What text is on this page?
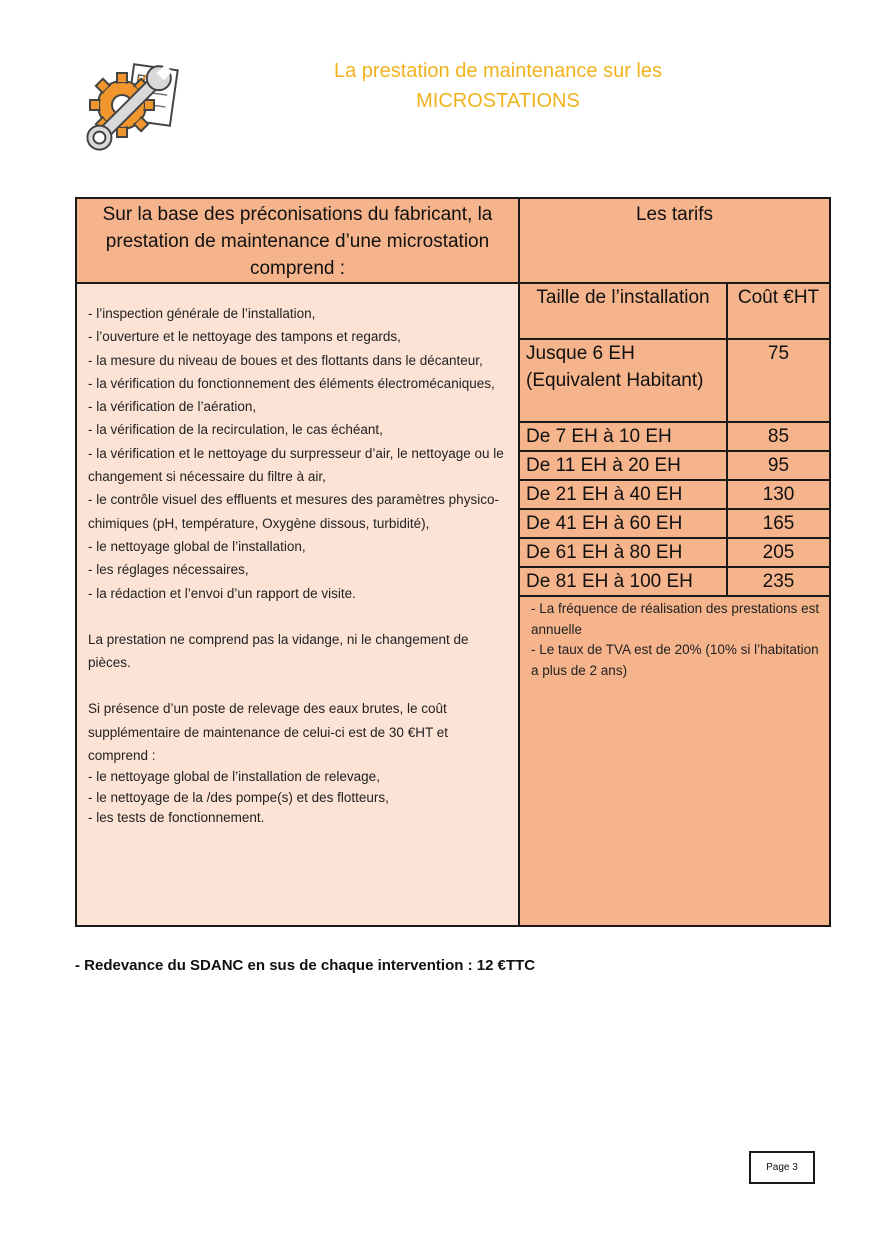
La prestation de maintenance sur les
MICROSTATIONS
Sur la base des préconisations du fabricant, la prestation de maintenance d’une microstation comprend :
Les tarifs
- l’inspection générale de l’installation,
- l’ouverture et le nettoyage des tampons et regards,
- la mesure du niveau de boues et des flottants dans le décanteur,
- la vérification du fonctionnement des éléments électromécaniques,
- la vérification de l’aération,
- la vérification de la recirculation, le cas échéant,
- la vérification et le nettoyage du surpresseur d’air, le nettoyage ou le changement si nécessaire du filtre à air,
- le contrôle visuel des effluents et mesures des paramètres physico-chimiques (pH, température, Oxygène dissous, turbidité),
- le nettoyage global de l’installation,
- les réglages nécessaires,
- la rédaction et l’envoi d’un rapport de visite.
La prestation ne comprend pas la vidange, ni le changement de pièces.
Si présence d’un poste de relevage des eaux brutes, le coût supplémentaire de maintenance de celui-ci est de 30 €HT et comprend :
- le nettoyage global de l’installation de relevage,
- le nettoyage de la /des pompe(s) et des flotteurs,
- les tests de fonctionnement.
Taille de l’installation	Coût €HT
Jusque 6 EH (Equivalent Habitant)	75
De 7 EH à 10 EH	85
De 11 EH à 20 EH	95
De 21 EH à 40 EH	130
De 41 EH à 60 EH	165
De 61 EH à 80 EH	205
De 81 EH à 100 EH	235
- La fréquence de réalisation des prestations est annuelle
- Le taux de TVA est de 20% (10% si l’habitation a plus de 2 ans)
- Redevance du SDANC en sus de chaque intervention : 12 €TTC
Page 3
